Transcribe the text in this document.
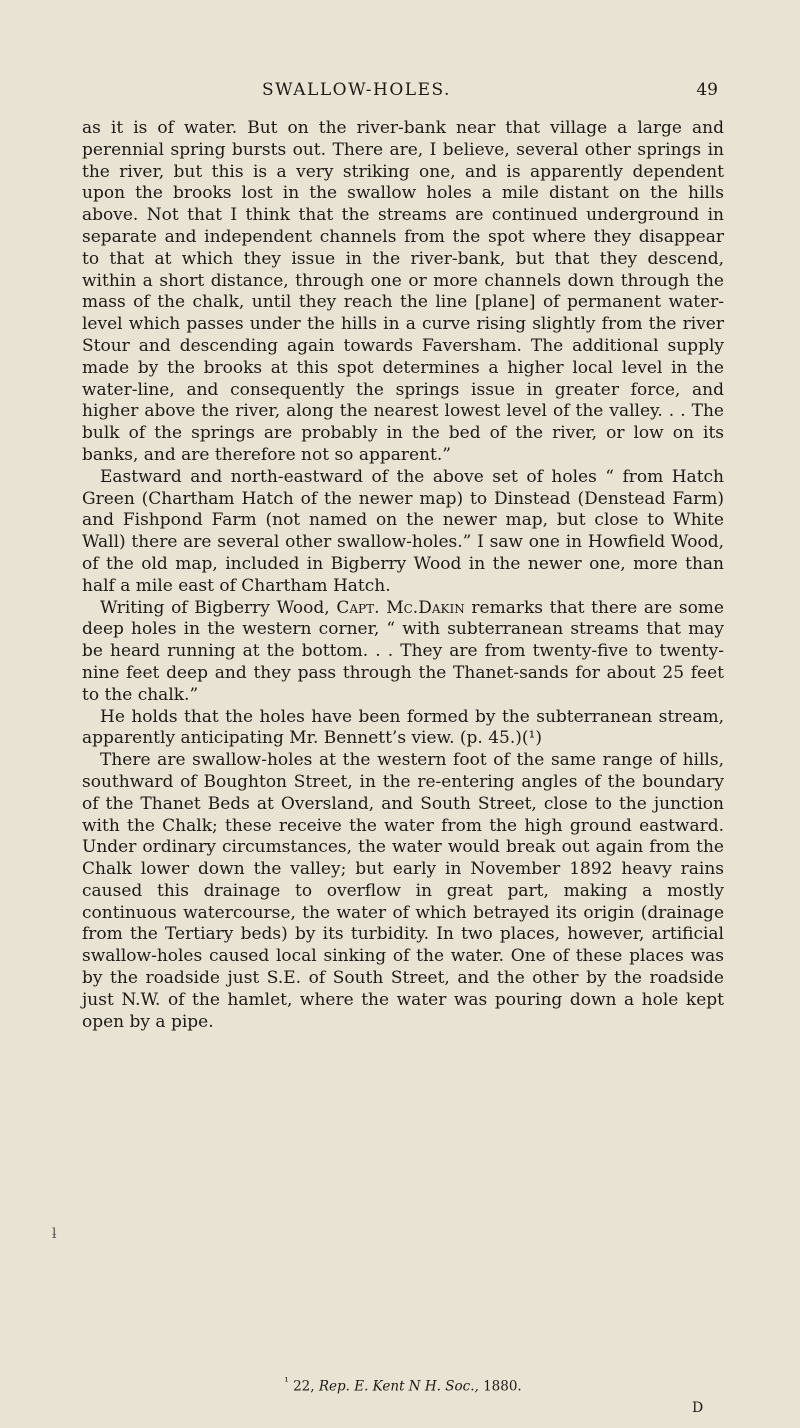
SWALLOW-HOLES.	49

as it is of water. But on the river-bank near that village a large and perennial spring bursts out. There are, I believe, several other springs in the river, but this is a very striking one, and is apparently dependent upon the brooks lost in the swallow holes a mile distant on the hills above. Not that I think that the streams are continued underground in separate and independent channels from the spot where they disappear to that at which they issue in the river-bank, but that they descend, within a short distance, through one or more channels down through the mass of the chalk, until they reach the line [plane] of permanent water-level which passes under the hills in a curve rising slightly from the river Stour and descending again towards Faversham. The additional supply made by the brooks at this spot determines a higher local level in the water-line, and consequently the springs issue in greater force, and higher above the river, along the nearest lowest level of the valley. . . The bulk of the springs are probably in the bed of the river, or low on its banks, and are therefore not so apparent.”

Eastward and north-eastward of the above set of holes “ from Hatch Green (Chartham Hatch of the newer map) to Dinstead (Denstead Farm) and Fishpond Farm (not named on the newer map, but close to White Wall) there are several other swallow-holes.” I saw one in Howfield Wood, of the old map, included in Bigberry Wood in the newer one, more than half a mile east of Chartham Hatch.

Writing of Bigberry Wood, Capt. Mc.Dakin remarks that there are some deep holes in the western corner, “ with subterranean streams that may be heard running at the bottom. . . They are from twenty-five to twenty-nine feet deep and they pass through the Thanet-sands for about 25 feet to the chalk.”

He holds that the holes have been formed by the subterranean stream, apparently anticipating Mr. Bennett’s view. (p. 45.)(¹)

There are swallow-holes at the western foot of the same range of hills, southward of Boughton Street, in the re-entering angles of the boundary of the Thanet Beds at Oversland, and South Street, close to the junction with the Chalk; these receive the water from the high ground eastward. Under ordinary circumstances, the water would break out again from the Chalk lower down the valley; but early in November 1892 heavy rains caused this drainage to overflow in great part, making a mostly continuous watercourse, the water of which betrayed its origin (drainage from the Tertiary beds) by its turbidity. In two places, however, artificial swallow-holes caused local sinking of the water. One of these places was by the roadside just S.E. of South Street, and the other by the roadside just N.W. of the hamlet, where the water was pouring down a hole kept open by a pipe.

ƚ
$^{^1}$ 22, Rep. E. Kent N H. Soc., 1880.
D
